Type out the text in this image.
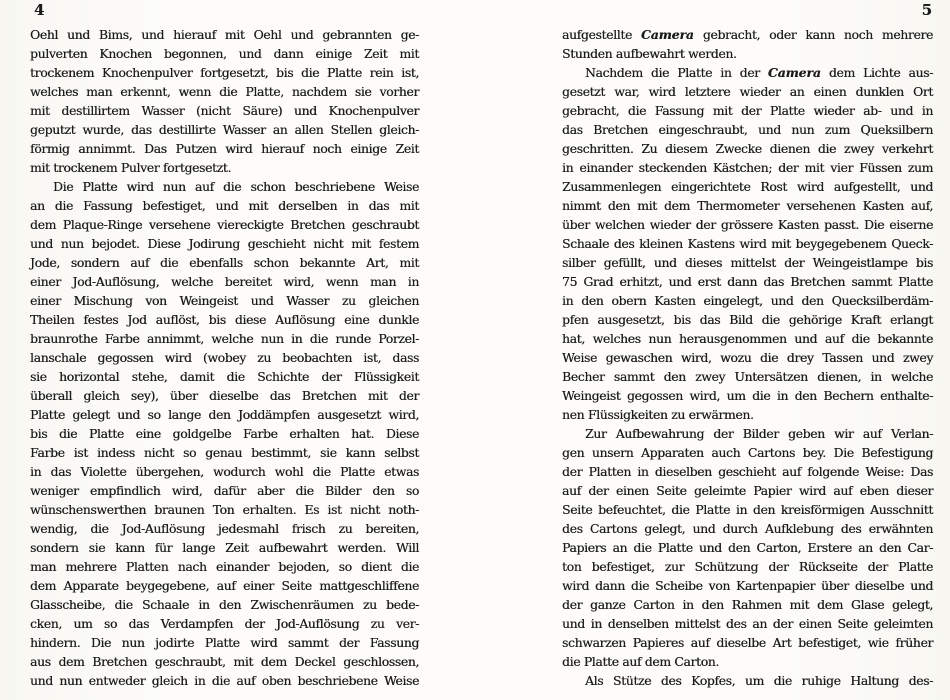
4
Oehl und Bims, und hierauf mit Oehl und gebrannten ge-
pulverten Knochen begonnen, und dann einige Zeit mit
trockenem Knochenpulver fortgesetzt, bis die Platte rein ist,
welches man erkennt, wenn die Platte, nachdem sie vorher
mit destillirtem Wasser (nicht Säure) und Knochenpulver
geputzt wurde, das destillirte Wasser an allen Stellen gleich-
förmig annimmt. Das Putzen wird hierauf noch einige Zeit
mit trockenem Pulver fortgesetzt.
Die Platte wird nun auf die schon beschriebene Weise
an die Fassung befestiget, und mit derselben in das mit
dem Plaque-Ringe versehene viereckigte Bretchen geschraubt
und nun bejodet. Diese Jodirung geschieht nicht mit festem
Jode, sondern auf die ebenfalls schon bekannte Art, mit
einer Jod-Auflösung, welche bereitet wird, wenn man in
einer Mischung von Weingeist und Wasser zu gleichen
Theilen festes Jod auflöst, bis diese Auflösung eine dunkle
braunrothe Farbe annimmt, welche nun in die runde Porzel-
lanschale gegossen wird (wobey zu beobachten ist, dass
sie horizontal stehe, damit die Schichte der Flüssigkeit
überall gleich sey), über dieselbe das Bretchen mit der
Platte gelegt und so lange den Joddämpfen ausgesetzt wird,
bis die Platte eine goldgelbe Farbe erhalten hat. Diese
Farbe ist indess nicht so genau bestimmt, sie kann selbst
in das Violette übergehen, wodurch wohl die Platte etwas
weniger empfindlich wird, dafür aber die Bilder den so
wünschenswerthen braunen Ton erhalten. Es ist nicht noth-
wendig, die Jod-Auflösung jedesmahl frisch zu bereiten,
sondern sie kann für lange Zeit aufbewahrt werden. Will
man mehrere Platten nach einander bejoden, so dient die
dem Apparate beygegebene, auf einer Seite mattgeschliffene
Glasscheibe, die Schaale in den Zwischenräumen zu bede-
cken, um so das Verdampfen der Jod-Auflösung zu ver-
hindern. Die nun jodirte Platte wird sammt der Fassung
aus dem Bretchen geschraubt, mit dem Deckel geschlossen,
und nun entweder gleich in die auf oben beschriebene Weise
5
aufgestellte Camera gebracht, oder kann noch mehrere
Stunden aufbewahrt werden.
Nachdem die Platte in der Camera dem Lichte aus-
gesetzt war, wird letztere wieder an einen dunklen Ort
gebracht, die Fassung mit der Platte wieder ab- und in
das Bretchen eingeschraubt, und nun zum Queksilbern
geschritten. Zu diesem Zwecke dienen die zwey verkehrt
in einander steckenden Kästchen; der mit vier Füssen zum
Zusammenlegen eingerichtete Rost wird aufgestellt, und
nimmt den mit dem Thermometer versehenen Kasten auf,
über welchen wieder der grössere Kasten passt. Die eiserne
Schaale des kleinen Kastens wird mit beygegebenem Queck-
silber gefüllt, und dieses mittelst der Weingeistlampe bis
75 Grad erhitzt, und erst dann das Bretchen sammt Platte
in den obern Kasten eingelegt, und den Quecksilberdäm-
pfen ausgesetzt, bis das Bild die gehörige Kraft erlangt
hat, welches nun herausgenommen und auf die bekannte
Weise gewaschen wird, wozu die drey Tassen und zwey
Becher sammt den zwey Untersätzen dienen, in welche
Weingeist gegossen wird, um die in den Bechern enthalte-
nen Flüssigkeiten zu erwärmen.
Zur Aufbewahrung der Bilder geben wir auf Verlan-
gen unsern Apparaten auch Cartons bey. Die Befestigung
der Platten in dieselben geschieht auf folgende Weise: Das
auf der einen Seite geleimte Papier wird auf eben dieser
Seite befeuchtet, die Platte in den kreisförmigen Ausschnitt
des Cartons gelegt, und durch Aufklebung des erwähnten
Papiers an die Platte und den Carton, Erstere an den Car-
ton befestiget, zur Schützung der Rückseite der Platte
wird dann die Scheibe von Kartenpapier über dieselbe und
der ganze Carton in den Rahmen mit dem Glase gelegt,
und in denselben mittelst des an der einen Seite geleimten
schwarzen Papieres auf dieselbe Art befestiget, wie früher
die Platte auf dem Carton.
Als Stütze des Kopfes, um die ruhige Haltung des-
